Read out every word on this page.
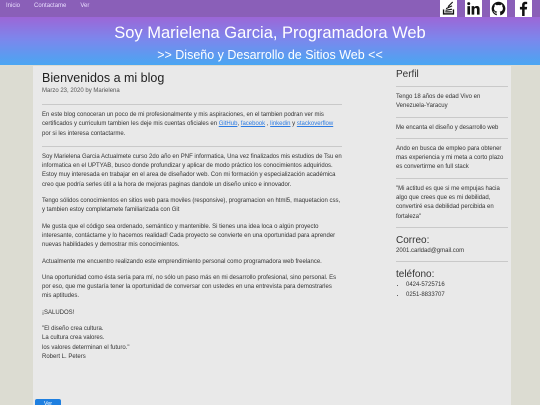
Inicio Contactame Ver
Soy Marielena Garcia, Programadora Web
>> Diseño y Desarrollo de Sitios Web <<
Bienvenidos a mi blog
Marzo 23, 2020 by Marielena

En este blog conoceran un poco de mi profesionalmente y mis aspiraciones, en el tambien podran ver mis certificados y curriculum tambien les deje mis cuentas oficiales en GitHub, facebook , linkedin y stackoverflow por si les interesa contactarme.

Soy Marielena Garcia Actualmete curso 2do año en PNF informatica, Una vez finalizados mis estudios de Tsu en informatica en el UPTYAB, busco donde profundizar y aplicar de modo práctico los conocimientos adquiridos. Estoy muy interesada en trabajar en el area de diseñador web. Con mi formación y especialización académica creo que podría serles útil a la hora de mejoras paginas dandole un diseño unico e innovador.

Tengo sólidos conocimientos en sitios web para moviles (responsive), programacion en html5, maquetacion css, y tambien estoy completamete familiarizada con Git

Me gusta que el código sea ordenado, semántico y mantenible. Si tienes una idea loca o algún proyecto interesante, contáctame y lo hacemos realidad! Cada proyecto se convierte en una oportunidad para aprender nuevas habilidades y demostrar mis conocimientos.

Actualmente me encuentro realizando este emprendimiento personal como programadora web freelance.

Una oportunidad como ésta sería para mí, no sólo un paso más en mi desarrollo profesional, sino personal. Es por eso, que me gustaría tener la oportunidad de conversar con ustedes en una entrevista para demostrarles mis aptitudes.

¡SALUDOS!

"El diseño crea cultura.
La cultura crea valores.
los valores determinan el futuro."
Robert L. Peters
Ver
Perfil

Tengo 18 años de edad Vivo en Venezuela-Yaracuy

Me encanta el diseño y desarrollo web

Ando en busca de empleo para obtener mas experiencia y mi meta a corto plazo es convertirme en full stack

"Mi actitud es que si me empujas hacia algo que crees que es mi debilidad, convertiré esa debilidad percibida en fortaleza"

Correo:

2001.carldad@gmail.com

teléfono:
• 0424-5725716
• 0251-8833707
